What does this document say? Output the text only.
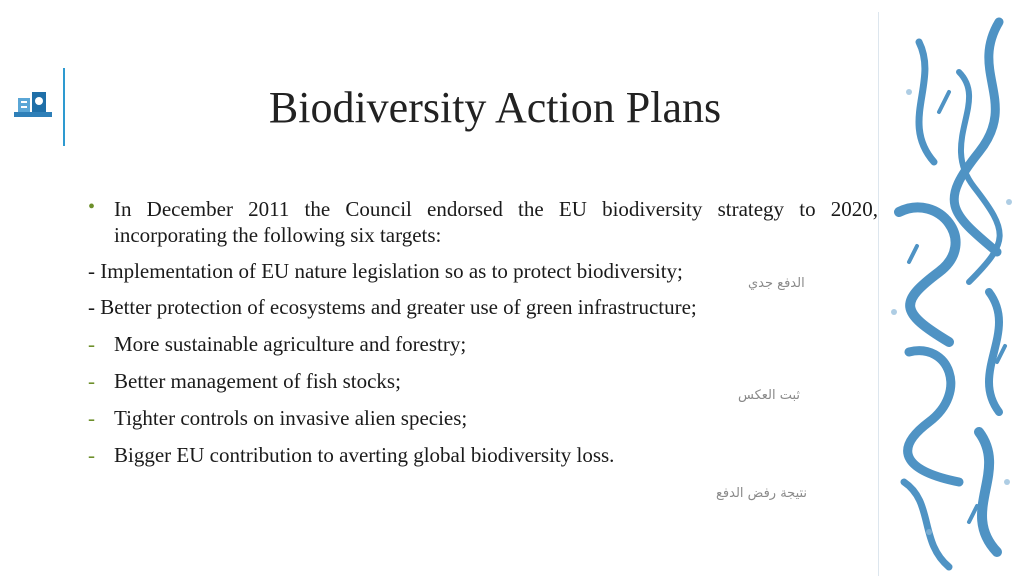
Biodiversity Action Plans
• In December 2011 the Council endorsed the EU biodiversity strategy to 2020, incorporating the following six targets:
- Implementation of EU nature legislation so as to protect biodiversity;
- Better protection of ecosystems and greater use of green infrastructure;
- More sustainable agriculture and forestry;
- Better management of fish stocks;
- Tighter controls on invasive alien species;
- Bigger EU contribution to averting global biodiversity loss.
الدفع جدي
ثبت العكس
نتيجة رفض الدفع
